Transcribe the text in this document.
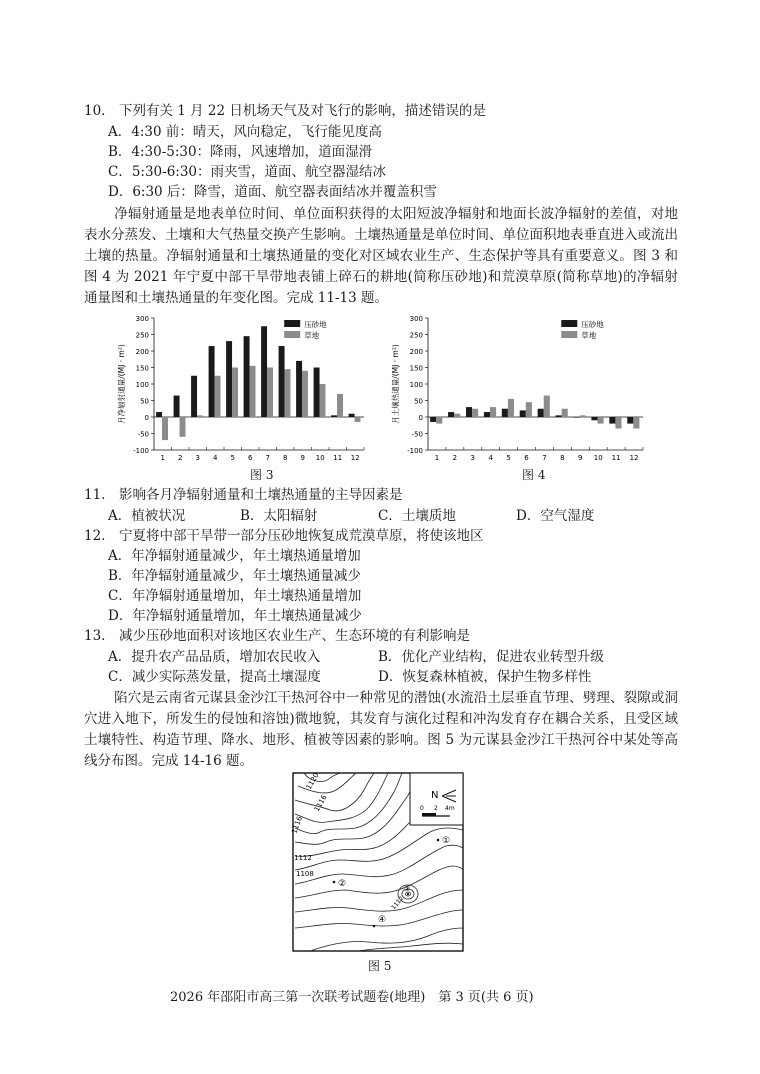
10.　下列有关 1 月 22 日机场天气及对飞行的影响，描述错误的是
A．4:30 前：晴天，风向稳定，飞行能见度高
B．4:30-5:30：降雨，风速增加，道面湿滑
C．5:30-6:30：雨夹雪，道面、航空器湿结冰
D．6:30 后：降雪，道面、航空器表面结冰并覆盖积雪
净辐射通量是地表单位时间、单位面积获得的太阳短波净辐射和地面长波净辐射的差值，对地表水分蒸发、土壤和大气热量交换产生影响。土壤热通量是单位时间、单位面积地表垂直进入或流出土壤的热量。净辐射通量和土壤热通量的变化对区域农业生产、生态保护等具有重要意义。图 3 和图 4 为 2021 年宁夏中部干旱带地表铺上碎石的耕地(简称压砂地)和荒漠草原(简称草地)的净辐射通量图和土壤热通量的年变化图。完成 11-13 题。
-100
-50
0
50
100
150
200
250
300
月净辐射通量/(MJ · m²)
1 2 3 4 5 6 7 8 9 10 11 12
压砂地
草地
-100
-50
0
50
100
150
200
250
300
月土壤热通量/(MJ · m²)
1 2 3 4 5 6 7 8 9 10 11 12
压砂地
草地
图 3	图 4
11.　影响各月净辐射通量和土壤热通量的主导因素是
A．植被状况	B．太阳辐射	C．土壤质地	D．空气湿度
12.　宁夏将中部干旱带一部分压砂地恢复成荒漠草原，将使该地区
A．年净辐射通量减少，年土壤热通量增加
B．年净辐射通量减少，年土壤热通量减少
C．年净辐射通量增加，年土壤热通量增加
D．年净辐射通量增加，年土壤热通量减少
13.　减少压砂地面积对该地区农业生产、生态环境的有利影响是
A．提升农产品品质，增加农民收入	B．优化产业结构，促进农业转型升级
C．减少实际蒸发量，提高土壤湿度	D．恢复森林植被，保护生物多样性
陷穴是云南省元谋县金沙江干热河谷中一种常见的潜蚀(水流沿土层垂直节理、劈理、裂隙或洞穴进入地下，所发生的侵蚀和溶蚀)微地貌，其发育与演化过程和冲沟发育存在耦合关系，且受区域土壤特性、构造节理、降水、地形、植被等因素的影响。图 5 为元谋县金沙江干热河谷中某处等高线分布图。完成 14-16 题。
N
0 2 4m
1120
1116
1116
1112
1108
1112
①
②	③
④
图 5
2026 年邵阳市高三第一次联考试题卷(地理)　第 3 页(共 6 页)
